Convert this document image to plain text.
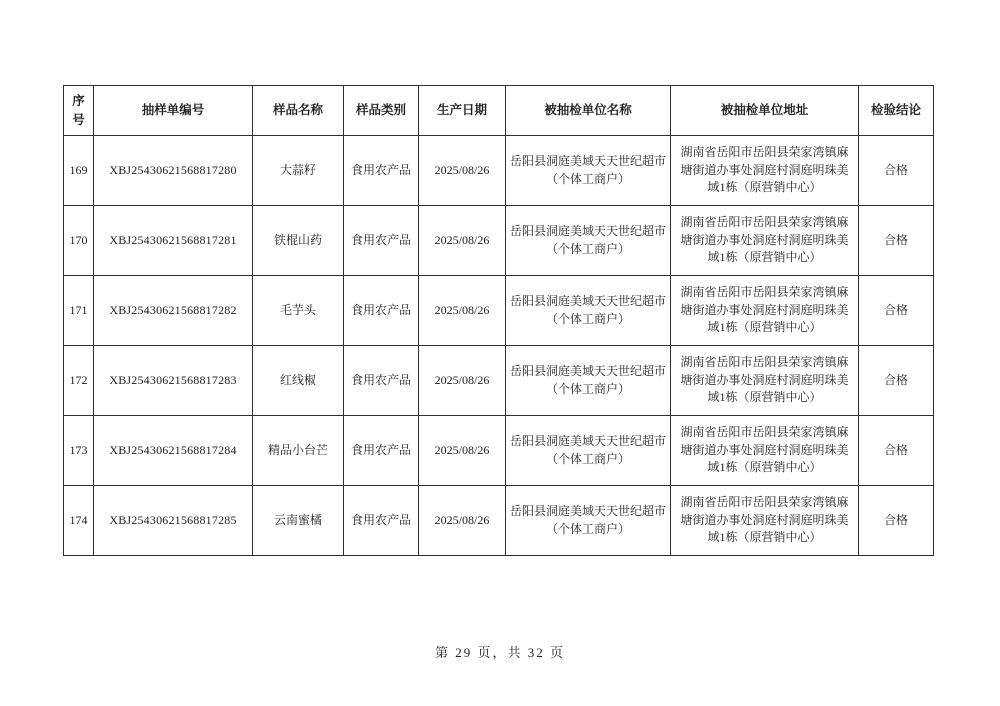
序号	抽样单编号	样品名称	样品类别	生产日期	被抽检单位名称	被抽检单位地址	检验结论
169	XBJ25430621568817280	大蒜籽	食用农产品	2025/08/26	岳阳县洞庭美域天天世纪超市（个体工商户）	湖南省岳阳市岳阳县荣家湾镇麻塘街道办事处洞庭村洞庭明珠美域1栋（原营销中心）	合格
170	XBJ25430621568817281	铁棍山药	食用农产品	2025/08/26	岳阳县洞庭美域天天世纪超市（个体工商户）	湖南省岳阳市岳阳县荣家湾镇麻塘街道办事处洞庭村洞庭明珠美域1栋（原营销中心）	合格
171	XBJ25430621568817282	毛芋头	食用农产品	2025/08/26	岳阳县洞庭美域天天世纪超市（个体工商户）	湖南省岳阳市岳阳县荣家湾镇麻塘街道办事处洞庭村洞庭明珠美域1栋（原营销中心）	合格
172	XBJ25430621568817283	红线椒	食用农产品	2025/08/26	岳阳县洞庭美域天天世纪超市（个体工商户）	湖南省岳阳市岳阳县荣家湾镇麻塘街道办事处洞庭村洞庭明珠美域1栋（原营销中心）	合格
173	XBJ25430621568817284	精品小台芒	食用农产品	2025/08/26	岳阳县洞庭美域天天世纪超市（个体工商户）	湖南省岳阳市岳阳县荣家湾镇麻塘街道办事处洞庭村洞庭明珠美域1栋（原营销中心）	合格
174	XBJ25430621568817285	云南蜜橘	食用农产品	2025/08/26	岳阳县洞庭美域天天世纪超市（个体工商户）	湖南省岳阳市岳阳县荣家湾镇麻塘街道办事处洞庭村洞庭明珠美域1栋（原营销中心）	合格
第 29 页，共 32 页
